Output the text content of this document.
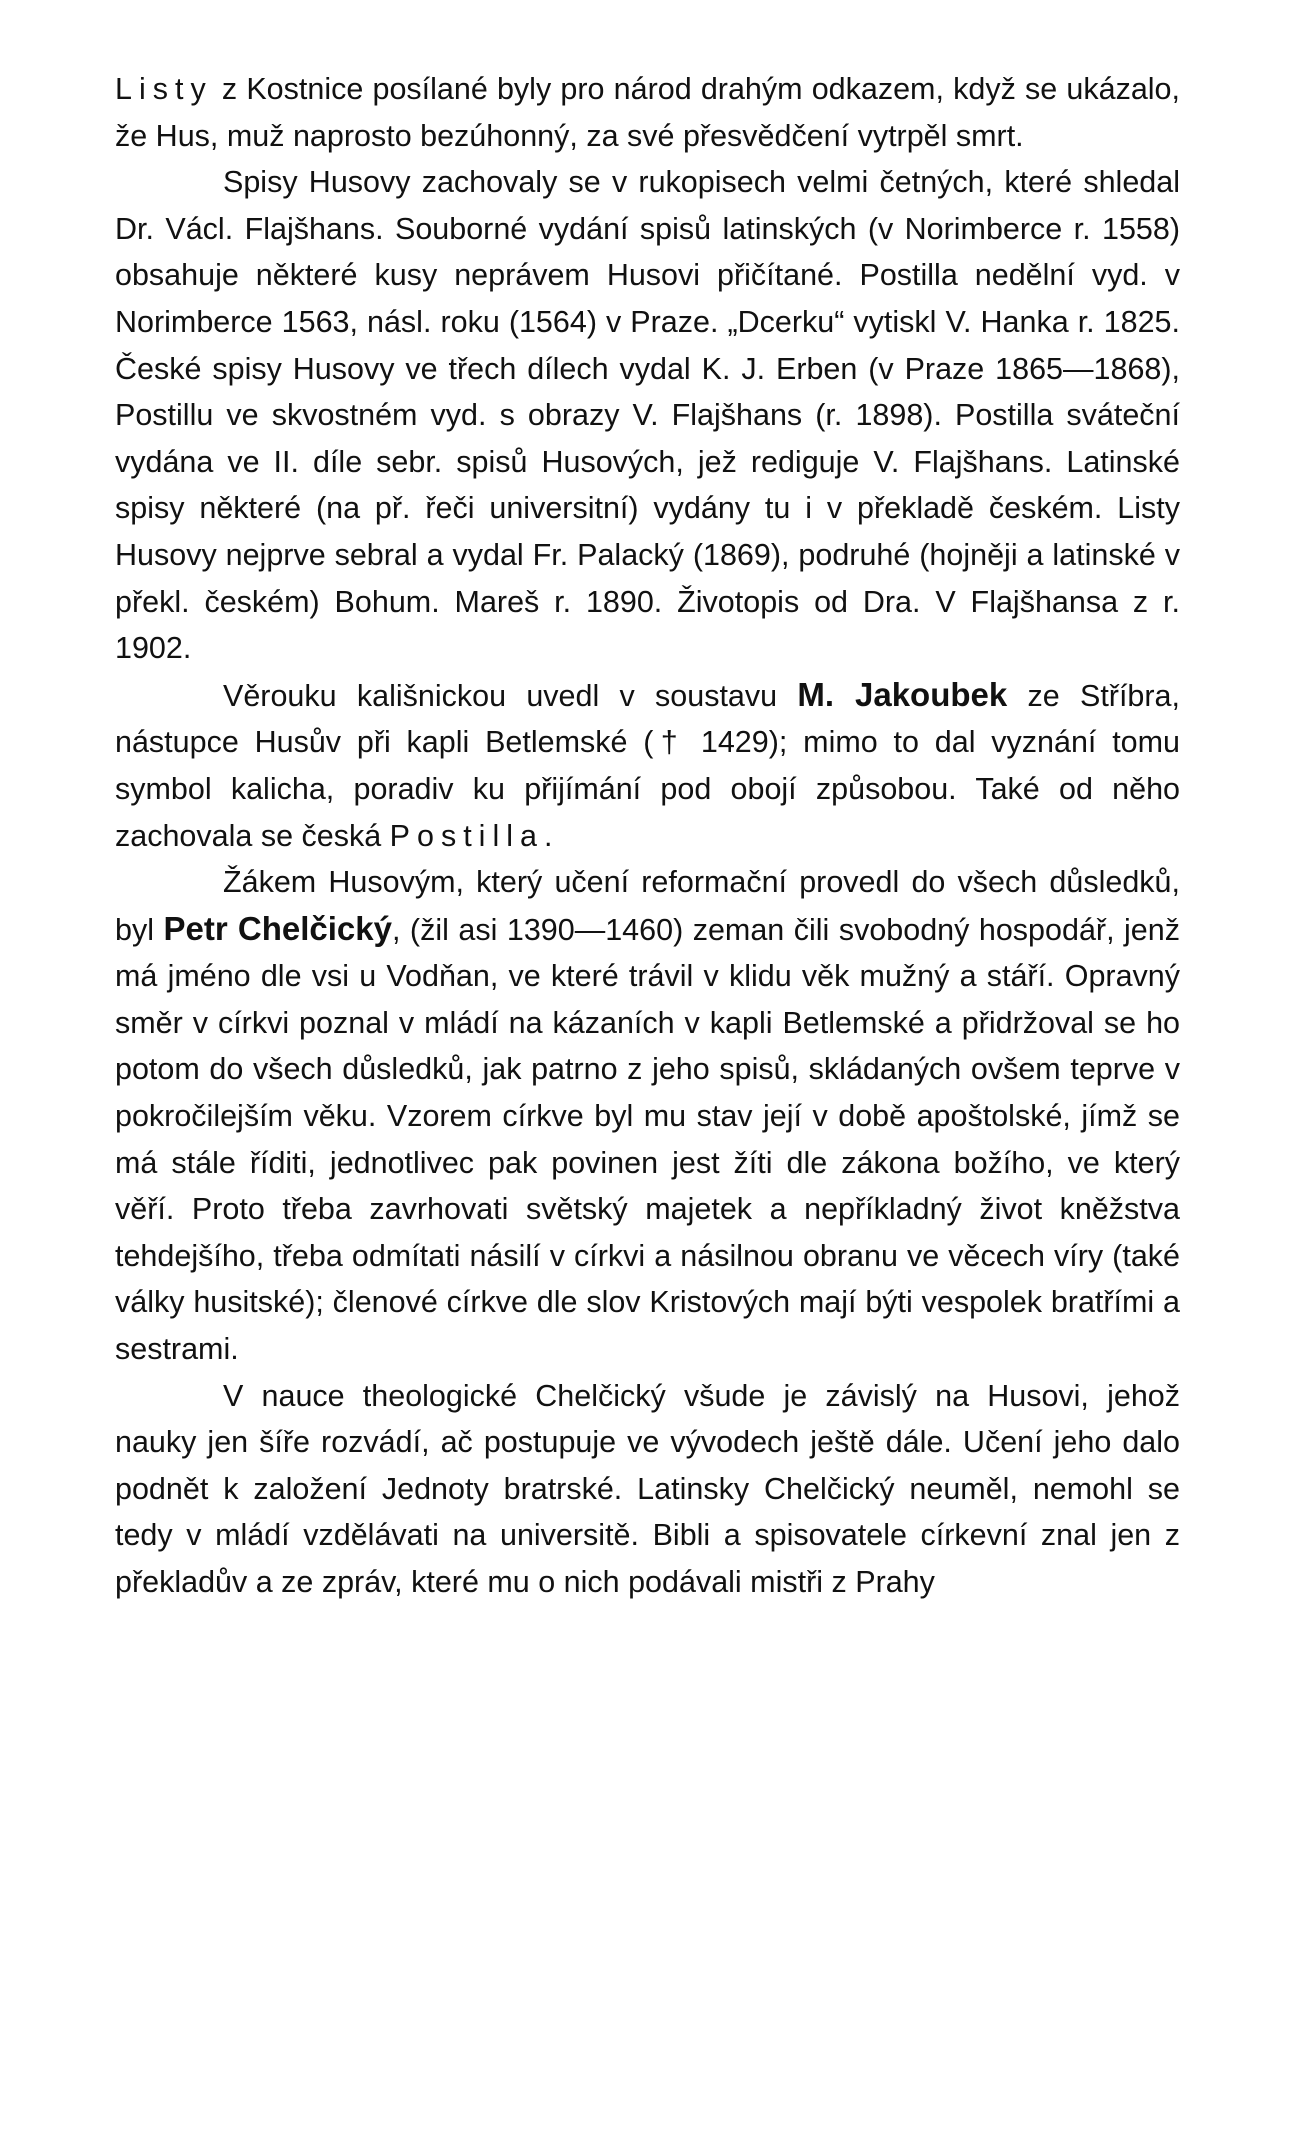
Listy z Kostnice posílané byly pro národ drahým odkazem, když se ukázalo, že Hus, muž naprosto bezúhonný, za své přesvědčení vytrpěl smrt.

Spisy Husovy zachovaly se v rukopisech velmi četných, které shledal Dr. Václ. Flajšhans. Souborné vydání spisů latinských (v Norimberce r. 1558) obsahuje některé kusy neprávem Husovi přičítané. Postilla nedělní vyd. v Norimberce 1563, násl. roku (1564) v Praze. „Dcerku“ vytiskl V. Hanka r. 1825. České spisy Husovy ve třech dílech vydal K. J. Erben (v Praze 1865—1868), Postillu ve skvostném vyd. s obrazy V. Flajšhans (r. 1898). Postilla sváteční vydána ve II. díle sebr. spisů Husových, jež rediguje V. Flajšhans. Latinské spisy některé (na př. řeči universitní) vydány tu i v překladě českém. Listy Husovy nejprve sebral a vydal Fr. Palacký (1869), podruhé (hojněji a latinské v překl. českém) Bohum. Mareš r. 1890. Životopis od Dra. V Flajšhansa z r. 1902.

Věrouku kališnickou uvedl v soustavu M. Jakoubek ze Stříbra, nástupce Husův při kapli Betlemské († 1429); mimo to dal vyznání tomu symbol kalicha, poradiv ku přijímání pod obojí způsobou. Také od něho zachovala se česká Postilla.

Žákem Husovým, který učení reformační provedl do všech důsledků, byl Petr Chelčický, (žil asi 1390—1460) zeman čili svobodný hospodář, jenž má jméno dle vsi u Vodňan, ve které trávil v klidu věk mužný a stáří. Opravný směr v církvi poznal v mládí na kázaních v kapli Betlemské a přidržoval se ho potom do všech důsledků, jak patrno z jeho spisů, skládaných ovšem teprve v pokročilejším věku. Vzorem církve byl mu stav její v době apoštolské, jímž se má stále říditi, jednotlivec pak povinen jest žíti dle zákona božího, ve který věří. Proto třeba zavrhovati světský majetek a nepříkladný život kněžstva tehdejšího, třeba odmítati násilí v církvi a násilnou obranu ve věcech víry (také války husitské); členové církve dle slov Kristových mají býti vespolek bratřími a sestrami.

V nauce theologické Chelčický všude je závislý na Husovi, jehož nauky jen šíře rozvádí, ač postupuje ve vývodech ještě dále. Učení jeho dalo podnět k založení Jednoty bratrské. Latinsky Chelčický neuměl, nemohl se tedy v mládí vzdělávati na universitě. Bibli a spisovatele církevní znal jen z překladův a ze zpráv, které mu o nich podávali mistři z Prahy
